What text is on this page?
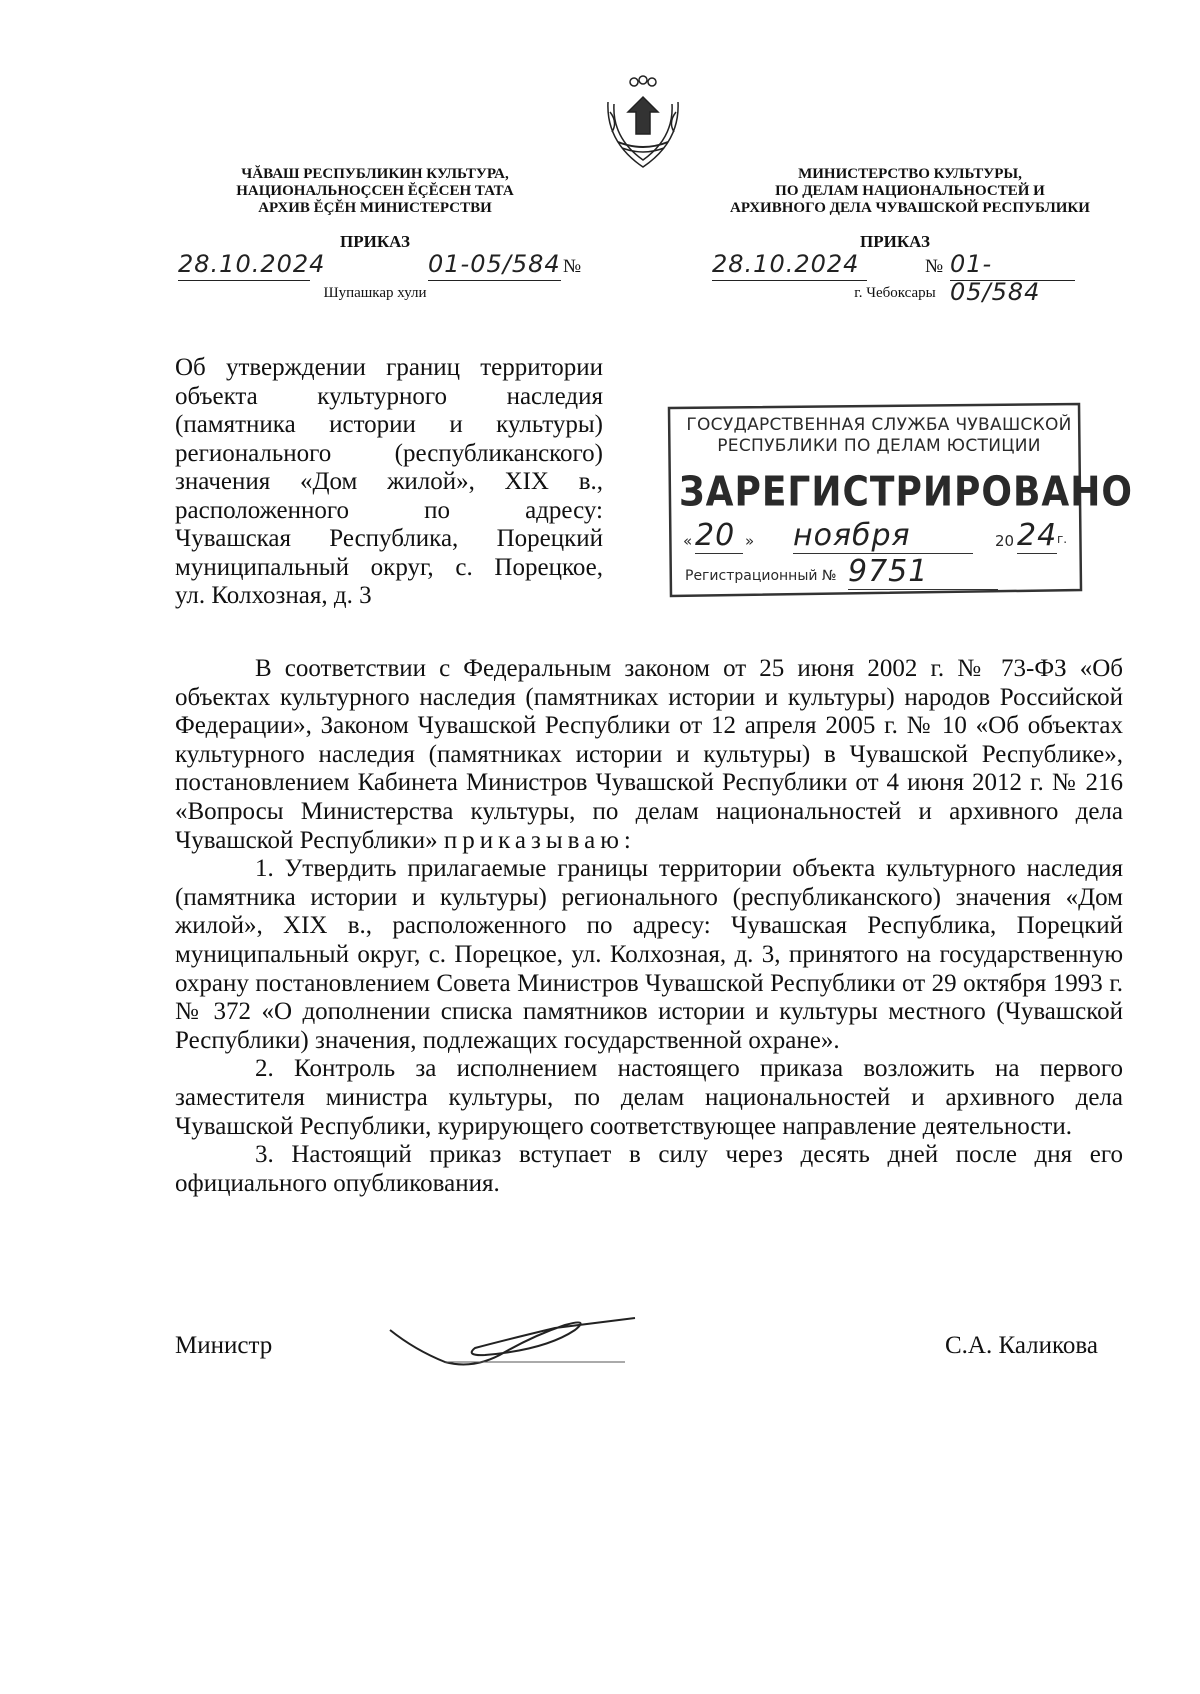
ЧĂВАШ РЕСПУБЛИКИН КУЛЬТУРА,
НАЦИОНАЛЬНОÇСЕН ĔÇĔСЕН ТАТА
АРХИВ ĔÇĔН МИНИСТЕРСТВИ
МИНИСТЕРСТВО КУЛЬТУРЫ,
ПО ДЕЛАМ НАЦИОНАЛЬНОСТЕЙ И
АРХИВНОГО ДЕЛА ЧУВАШСКОЙ РЕСПУБЛИКИ
ПРИКАЗ	ПРИКАЗ
28.10.2024	01-05/584 №
Шупашкар хули
28.10.2024	№ 01-05/584
г. Чебоксары
Об утверждении границ территории
объекта культурного наследия
(памятника истории и культуры)
регионального (республиканского)
значения «Дом жилой», XIX в.,
расположенного по адресу:
Чувашская Республика, Порецкий
муниципальный округ, с. Порецкое,
ул. Колхозная, д. 3
ГОСУДАРСТВЕННАЯ СЛУЖБА ЧУВАШСКОЙ
РЕСПУБЛИКИ ПО ДЕЛАМ ЮСТИЦИИ
ЗАРЕГИСТРИРОВАНО
« 20 » ноября	20 24 г.
Регистрационный № 9751

В соответствии с Федеральным законом от 25 июня 2002 г. № 73-ФЗ «Об объектах культурного наследия (памятниках истории и культуры) народов Российской Федерации», Законом Чувашской Республики от 12 апреля 2005 г. № 10 «Об объектах культурного наследия (памятниках истории и культуры) в Чувашской Республике», постановлением Кабинета Министров Чувашской Республики от 4 июня 2012 г. № 216 «Вопросы Министерства культуры, по делам национальностей и архивного дела Чувашской Республики» приказываю:

1. Утвердить прилагаемые границы территории объекта культурного наследия (памятника истории и культуры) регионального (республиканского) значения «Дом жилой», XIX в., расположенного по адресу: Чувашская Республика, Порецкий муниципальный округ, с. Порецкое, ул. Колхозная, д. 3, принятого на государственную охрану постановлением Совета Министров Чувашской Республики от 29 октября 1993 г. № 372 «О дополнении списка памятников истории и культуры местного (Чувашской Республики) значения, подлежащих государственной охране».

2. Контроль за исполнением настоящего приказа возложить на первого заместителя министра культуры, по делам национальностей и архивного дела Чувашской Республики, курирующего соответствующее направление деятельности.

3. Настоящий приказ вступает в силу через десять дней после дня его официального опубликования.

Министр	С.А. Каликова
